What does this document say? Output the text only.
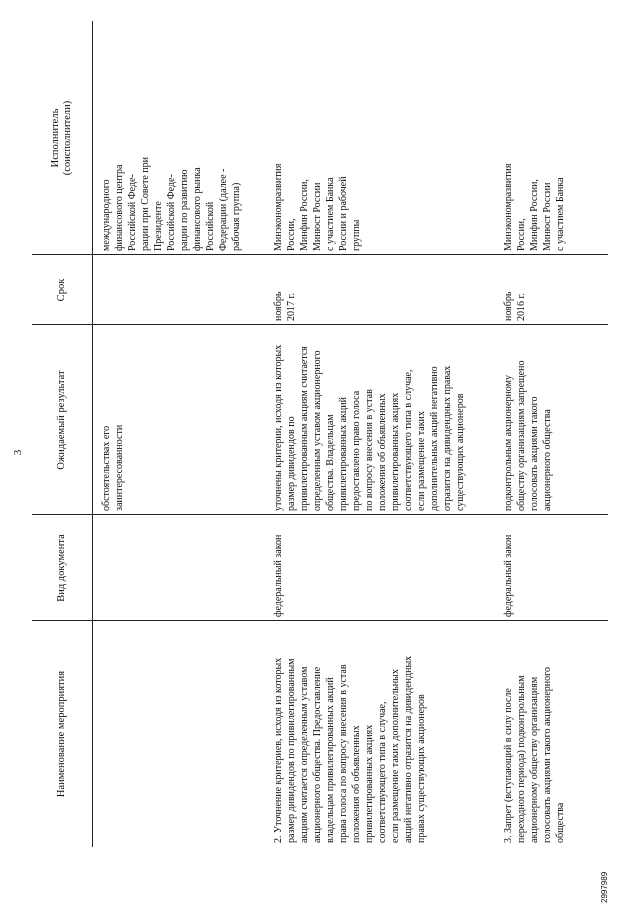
3
Наименование мероприятия
Вид документа
Ожидаемый результат
Срок
Исполнитель
(соисполнители)
обстоятельствах его
заинтересованности
международного
финансового центра
Российской Феде-
рации при Совете при
Президенте
Российской Феде-
рации по развитию
финансового рынка
Российской
Федерации (далее -
рабочая группа)
2. Уточнение критериев, исходя из которых
размер дивидендов по привилегированным
акциям считается определенным уставом
акционерного общества. Предоставление
владельцам привилегированных акций
права голоса по вопросу внесения в устав
положения об объявленных
привилегированных акциях
соответствующего типа в случае,
если размещение таких дополнительных
акций негативно отразится на дивидендных
правах существующих акционеров
федеральный закон
уточнены критерии, исходя из которых
размер дивидендов по
привилегированным акциям считается
определенным уставом акционерного
общества. Владельцам
привилегированных акций
предоставлено право голоса
по вопросу внесения в устав
положения об объявленных
привилегированных акциях
соответствующего типа в случае,
если размещение таких
дополнительных акций негативно
отразится на дивидендных правах
существующих акционеров
ноябрь
2017 г.
Минэкономразвития
России,
Минфин России,
Минюст России
с участием Банка
России и рабочей
группы
3. Запрет (вступающий в силу после
переходного периода) подконтрольным
акционерному обществу организациям
голосовать акциями такого акционерного
общества
федеральный закон
подконтрольным акционерному
обществу организациям запрещено
голосовать акциями такого
акционерного общества
ноябрь
2016 г.
Минэкономразвития
России,
Минфин России,
Минюст России
с участием Банка
2997989
